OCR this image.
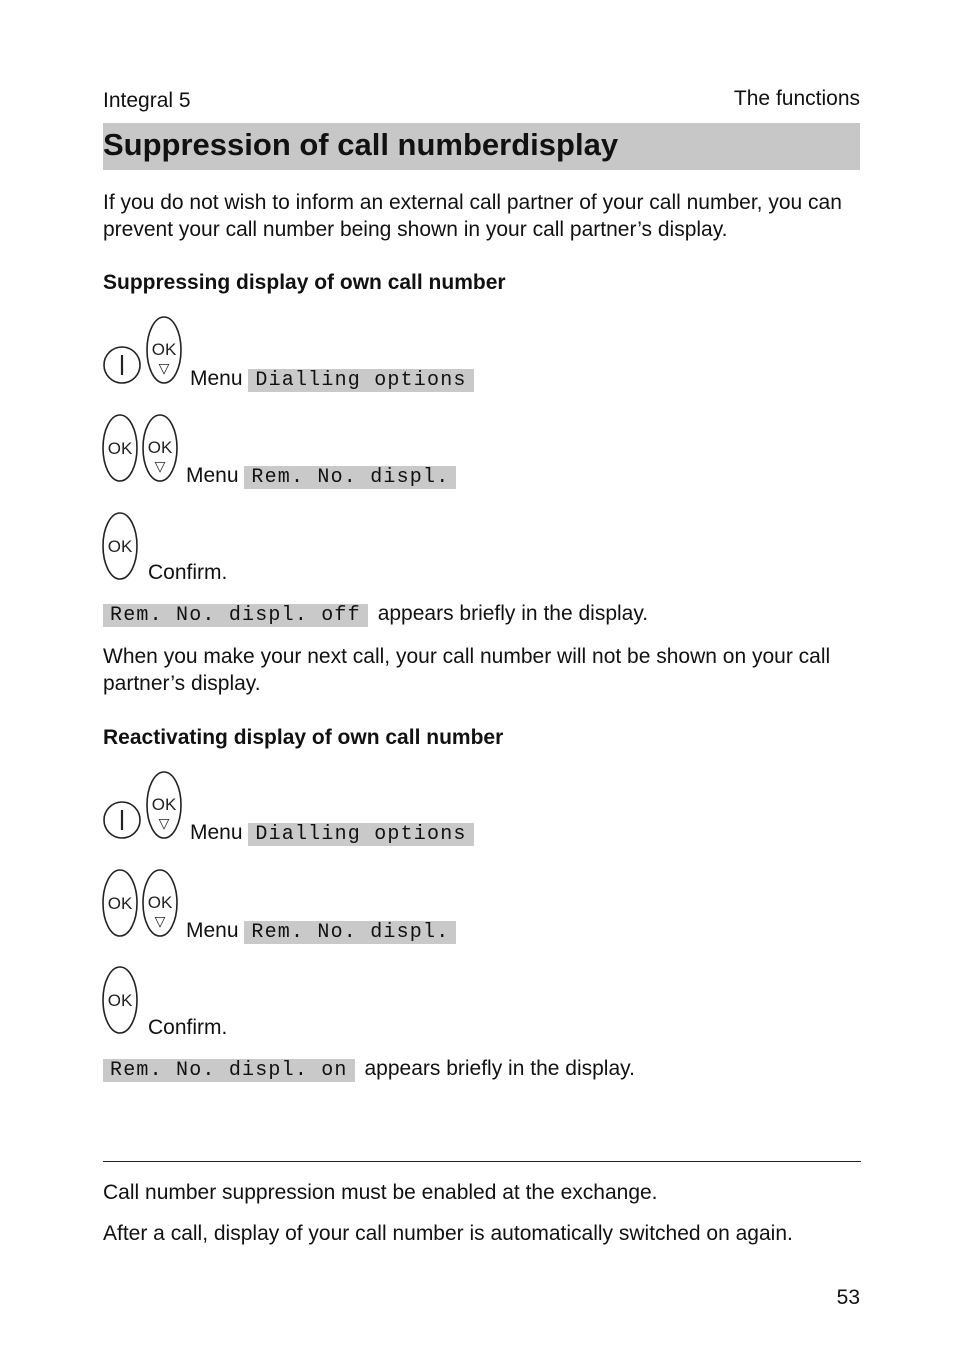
Integral 5	The functions
Suppression of call numberdisplay
If you do not wish to inform an external call partner of your call number, you can prevent your call number being shown in your call partner’s display.
Suppressing display of own call number
OK
▽ Menu Dialling options
OK OK
▽ Menu Rem. No. displ.
OK
Confirm.
Rem. No. displ. off appears briefly in the display.
When you make your next call, your call number will not be shown on your call partner’s display.
Reactivating display of own call number
OK
▽ Menu Dialling options
OK OK
▽ Menu Rem. No. displ.
OK
Confirm.
Rem. No. displ. on appears briefly in the display.
Call number suppression must be enabled at the exchange.
After a call, display of your call number is automatically switched on again.
53
